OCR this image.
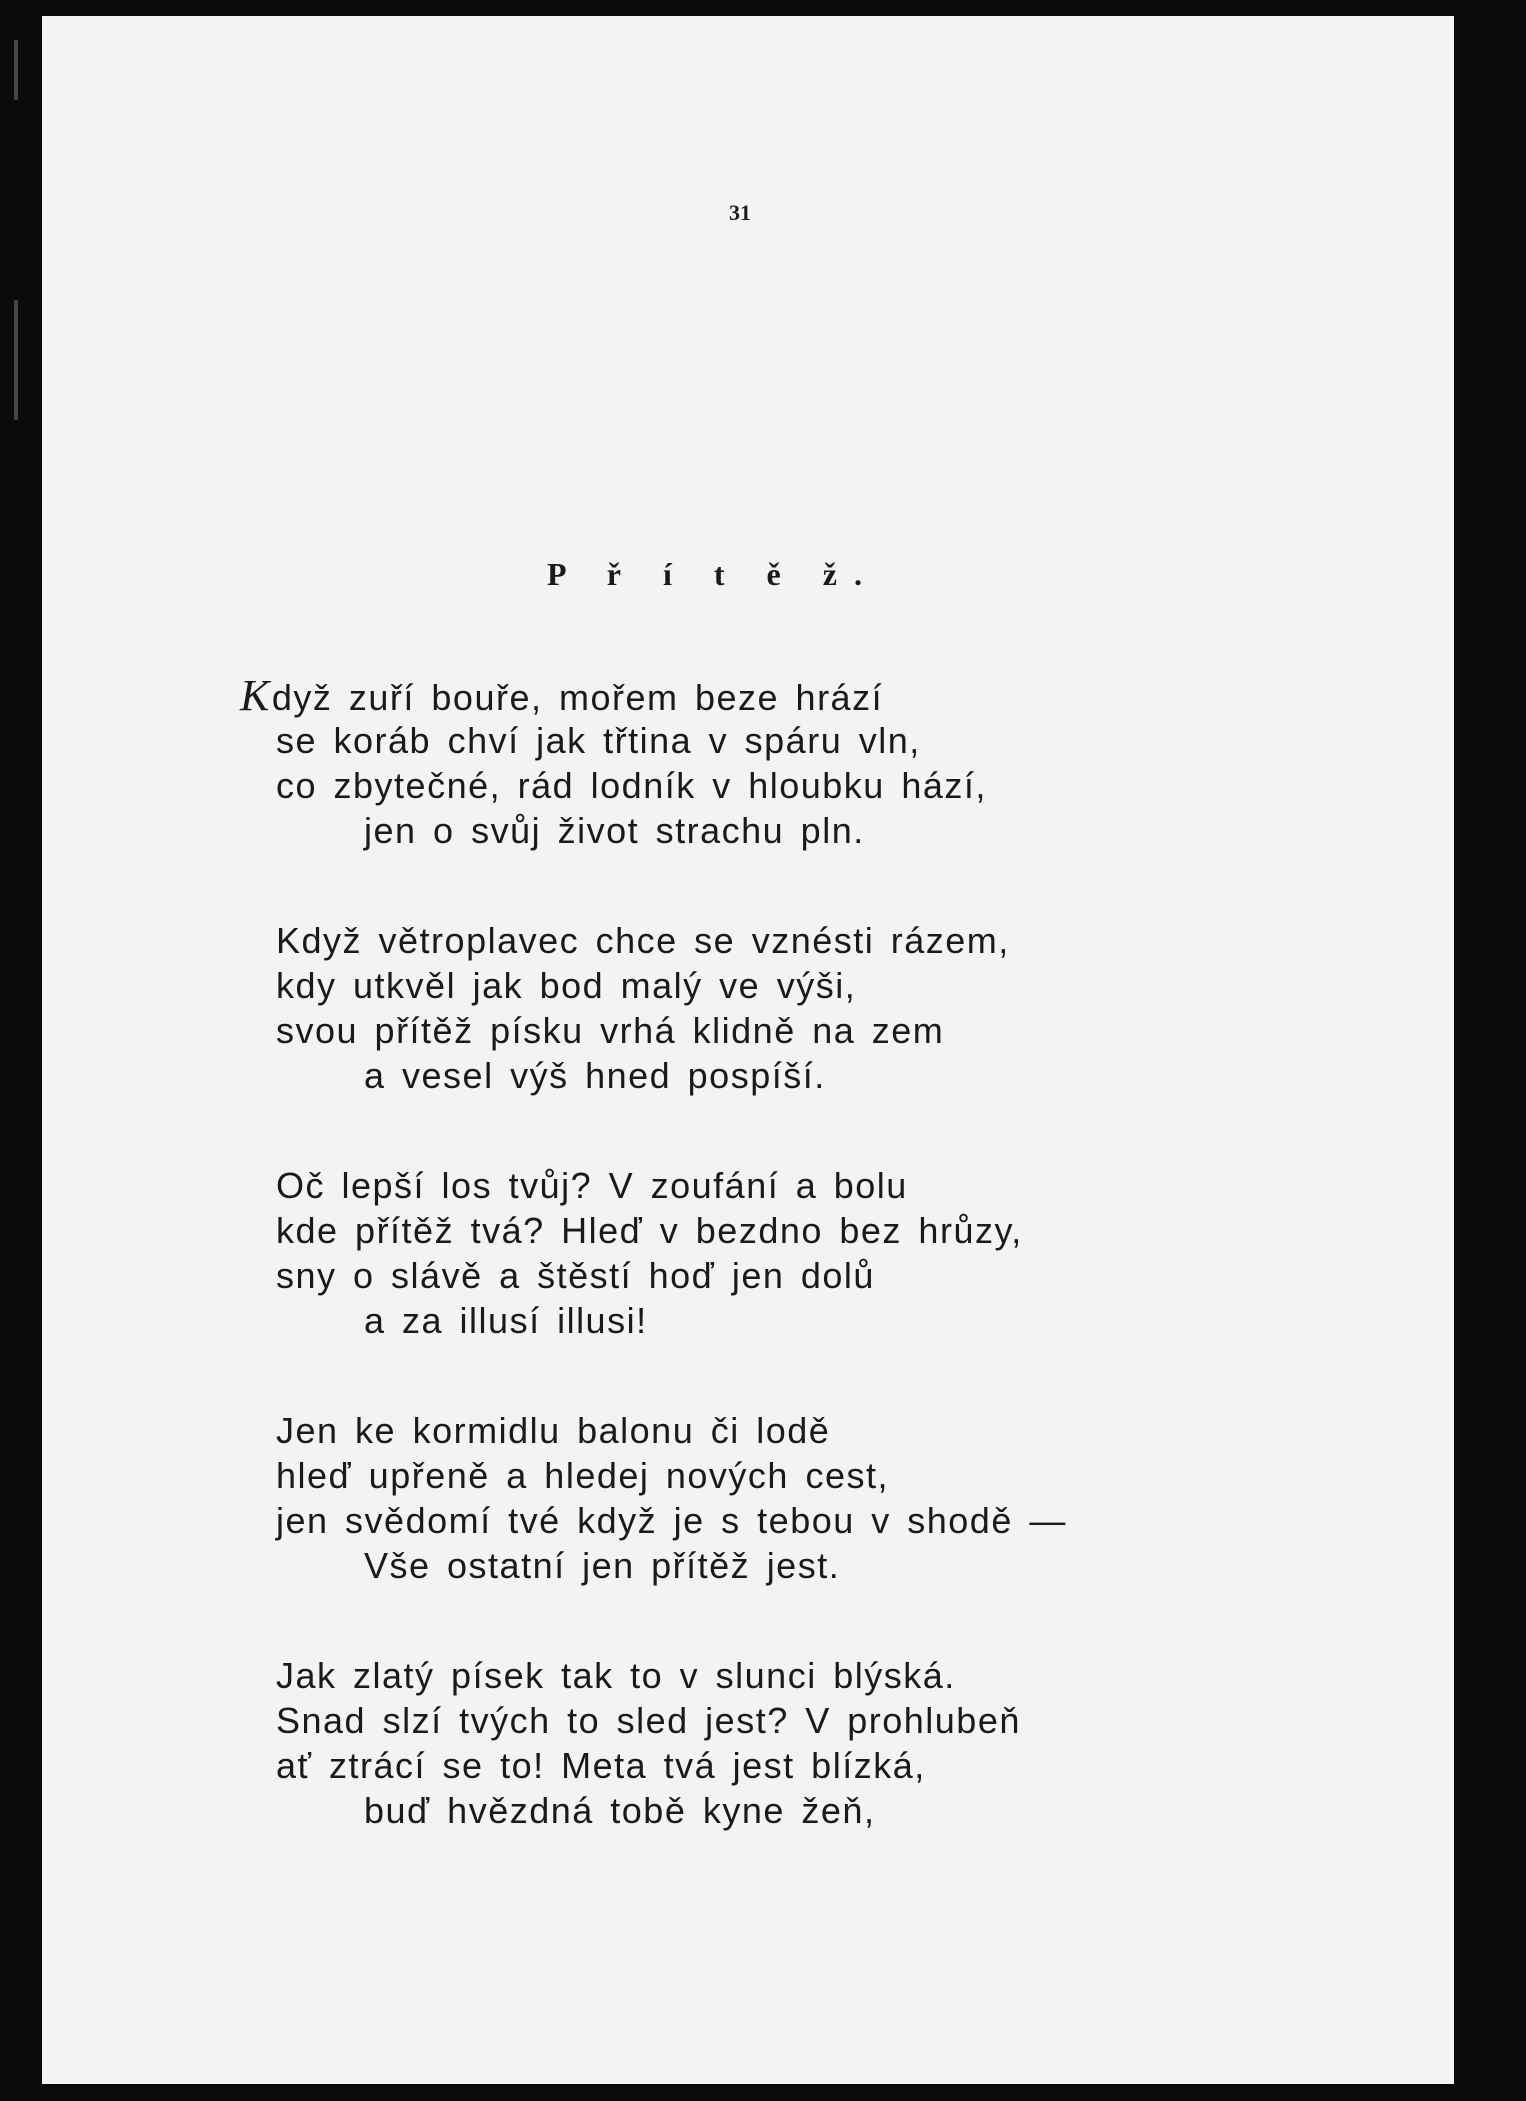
31
P ř í t ě ž.
Když zuří bouře, mořem beze hrází
se koráb chví jak třtina v spáru vln,
co zbytečné, rád lodník v hloubku hází,
jen o svůj život strachu pln.
Když větroplavec chce se vznésti rázem,
kdy utkvěl jak bod malý ve výši,
svou přítěž písku vrhá klidně na zem
a vesel výš hned pospíší.
Oč lepší los tvůj? V zoufání a bolu
kde přítěž tvá? Hleď v bezdno bez hrůzy,
sny o slávě a štěstí hoď jen dolů
a za illusí illusi!
Jen ke kormidlu balonu či lodě
hleď upřeně a hledej nových cest,
jen svědomí tvé když je s tebou v shodě —
Vše ostatní jen přítěž jest.
Jak zlatý písek tak to v slunci blýská.
Snad slzí tvých to sled jest? V prohlubeň
ať ztrácí se to! Meta tvá jest blízká,
buď hvězdná tobě kyne žeň,
